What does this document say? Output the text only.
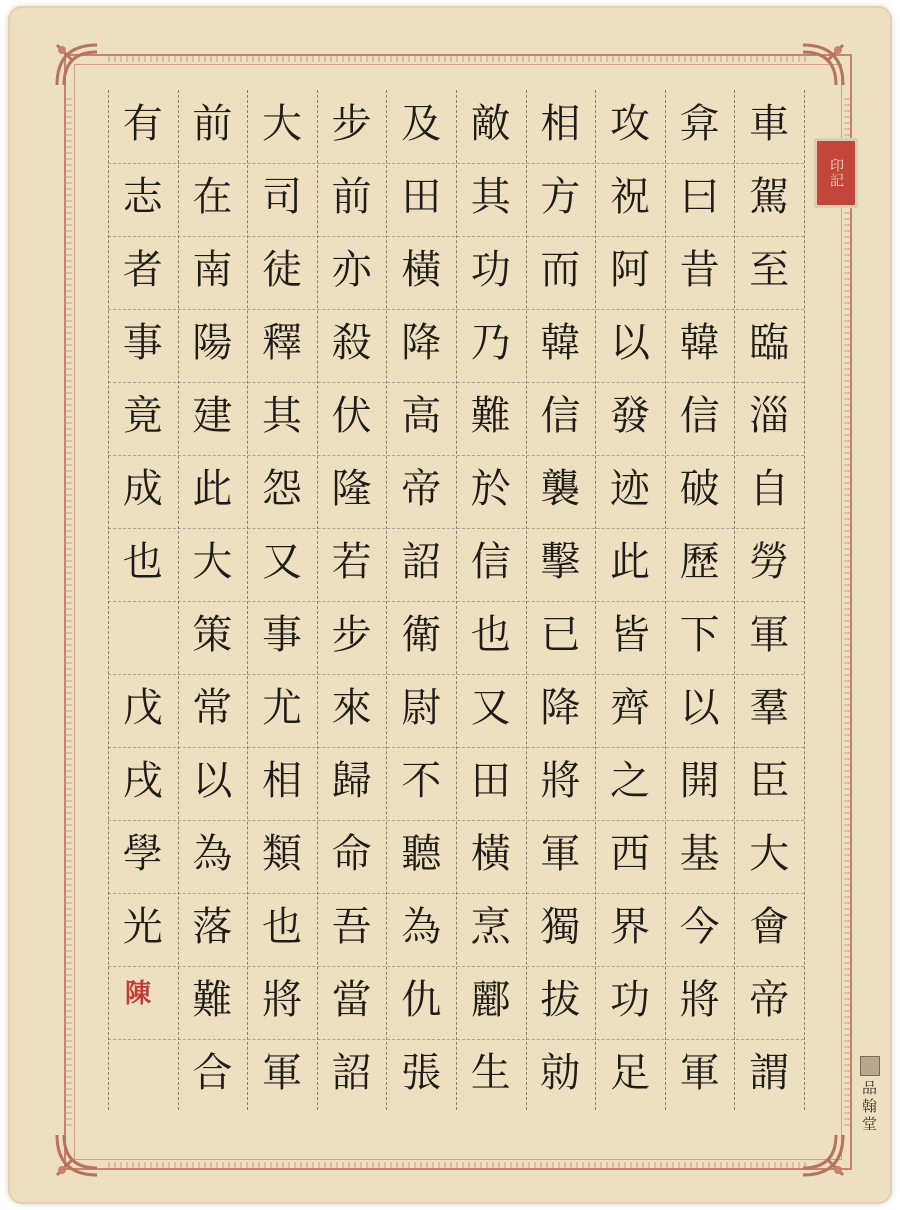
車
駕
至
臨
淄
自
勞
軍
羣
臣
大
會
帝
謂
弇
曰
昔
韓
信
破
歷
下
以
開
基
今
將
軍
攻
祝
阿
以
發
迹
此
皆
齊
之
西
界
功
足
相
方
而
韓
信
襲
擊
已
降
將
軍
獨
拔
勍
敵
其
功
乃
難
於
信
也
又
田
橫
烹
酈
生
及
田
橫
降
高
帝
詔
衛
尉
不
聽
為
仇
張
步
前
亦
殺
伏
隆
若
步
來
歸
命
吾
當
詔
大
司
徒
釋
其
怨
又
事
尤
相
類
也
將
軍
前
在
南
陽
建
此
大
策
常
以
為
落
難
合
有
志
者
事
竟
成
也
戊
戌
學
光
印記
陳
品翰堂
